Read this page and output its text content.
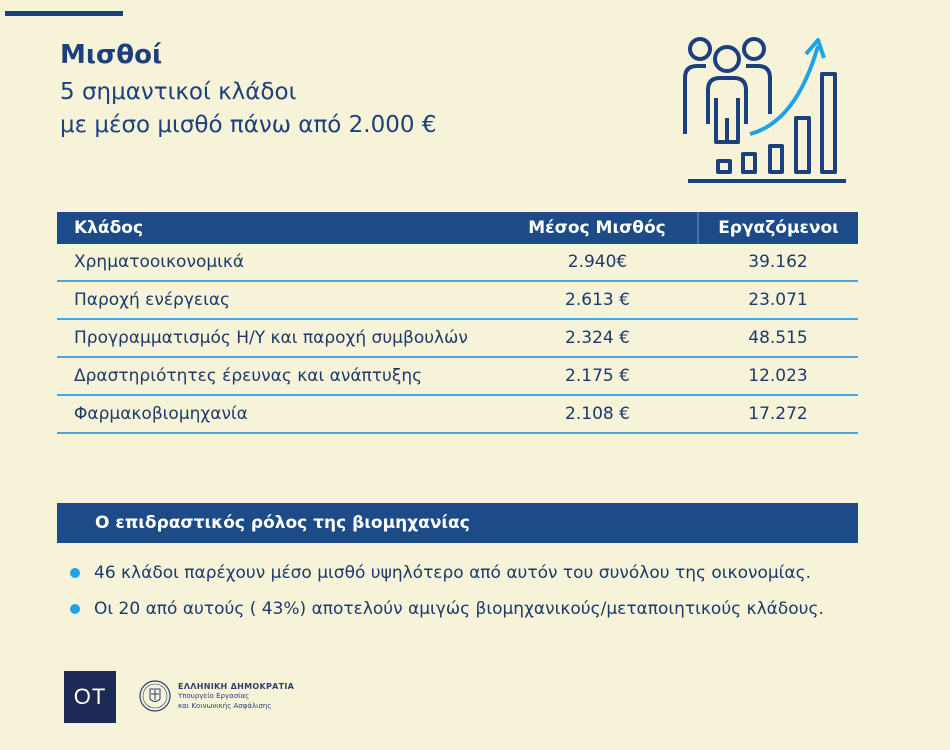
Μισθοί
5 σημαντικοί κλάδοι
με μέσο μισθό πάνω από 2.000 €
Κλάδος	Μέσος Μισθός	Εργαζόμενοι
Χρηματοοικονομικά	2.940€	39.162
Παροχή ενέργειας	2.613 €	23.071
Προγραμματισμός Η/Υ και παροχή συμβουλών	2.324 €	48.515
Δραστηριότητες έρευνας και ανάπτυξης	2.175 €	12.023
Φαρμακοβιομηχανία	2.108 €	17.272
Ο επιδραστικός ρόλος της βιομηχανίας
46 κλάδοι παρέχουν μέσο μισθό υψηλότερο από αυτόν του συνόλου της οικονομίας.
Οι 20 από αυτούς ( 43%) αποτελούν αμιγώς βιομηχανικούς/μεταποιητικούς κλάδους.
OT	ΕΛΛΗΝΙΚΗ ΔΗΜΟΚΡΑΤΙΑ
Υπουργείο Εργασίας
και Κοινωνικής Ασφάλισης
